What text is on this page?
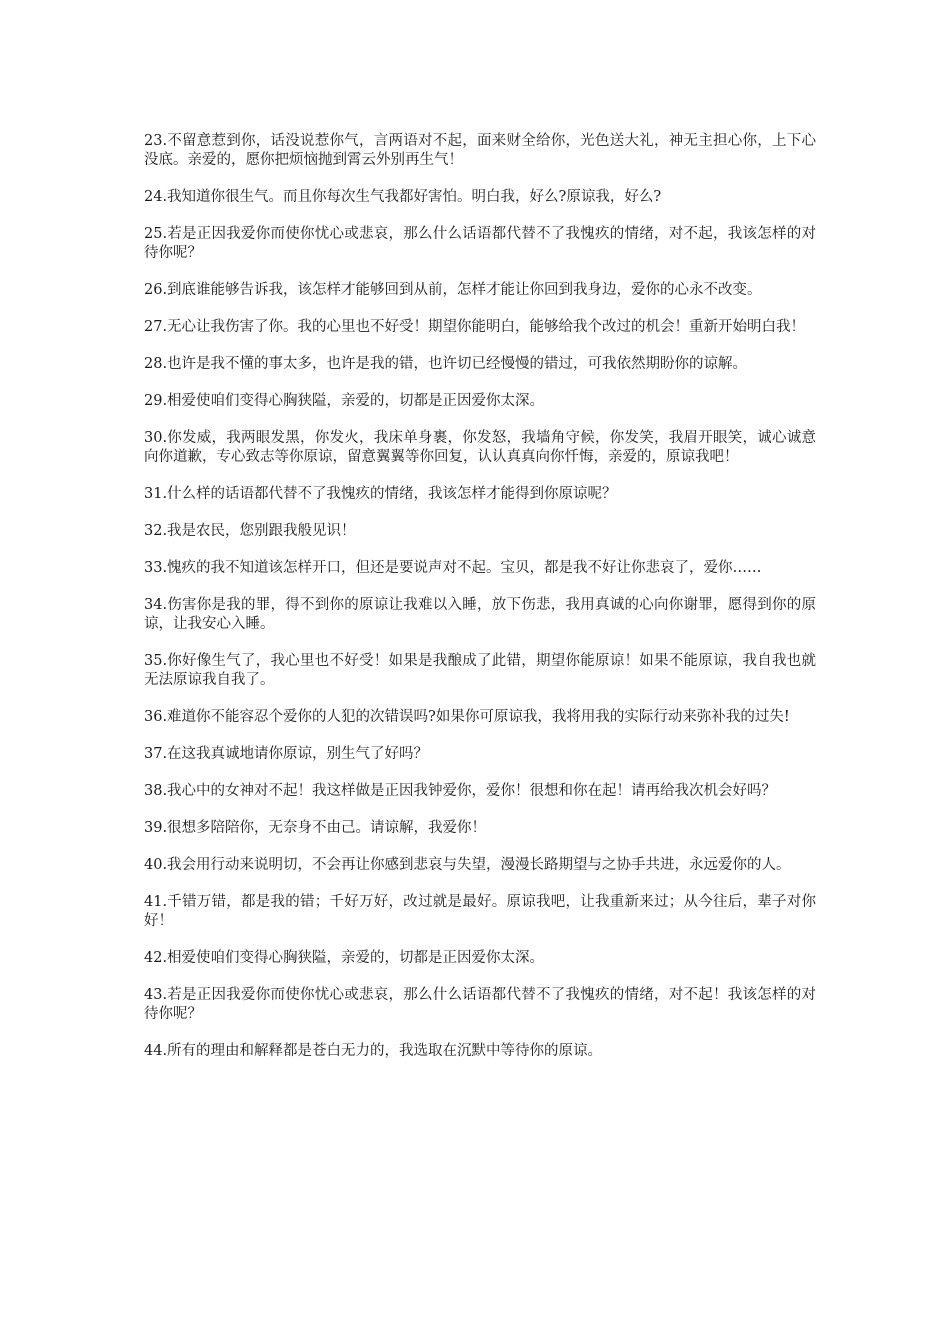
23.不留意惹到你，话没说惹你气，言两语对不起，面来财全给你，光色送大礼，神无主担心你，上下心没底。亲爱的，愿你把烦恼抛到霄云外别再生气！

24.我知道你很生气。而且你每次生气我都好害怕。明白我，好么?原谅我，好么?

25.若是正因我爱你而使你忧心或悲哀，那么什么话语都代替不了我愧疚的情绪，对不起，我该怎样的对待你呢？

26.到底谁能够告诉我，该怎样才能够回到从前，怎样才能让你回到我身边，爱你的心永不改变。

27.无心让我伤害了你。我的心里也不好受！期望你能明白，能够给我个改过的机会！重新开始明白我！

28.也许是我不懂的事太多，也许是我的错，也许切已经慢慢的错过，可我依然期盼你的谅解。

29.相爱使咱们变得心胸狭隘，亲爱的，切都是正因爱你太深。

30.你发威，我两眼发黑，你发火，我床单身裹，你发怒，我墙角守候，你发笑，我眉开眼笑，诚心诚意向你道歉，专心致志等你原谅，留意翼翼等你回复，认认真真向你忏悔，亲爱的，原谅我吧！

31.什么样的话语都代替不了我愧疚的情绪，我该怎样才能得到你原谅呢？

32.我是农民，您别跟我般见识！

33.愧疚的我不知道该怎样开口，但还是要说声对不起。宝贝，都是我不好让你悲哀了，爱你……

34.伤害你是我的罪，得不到你的原谅让我难以入睡，放下伤悲，我用真诚的心向你谢罪，愿得到你的原谅，让我安心入睡。

35.你好像生气了，我心里也不好受！如果是我酿成了此错，期望你能原谅！如果不能原谅，我自我也就无法原谅我自我了。

36.难道你不能容忍个爱你的人犯的次错误吗?如果你可原谅我，我将用我的实际行动来弥补我的过失!

37.在这我真诚地请你原谅，别生气了好吗？

38.我心中的女神对不起！我这样做是正因我钟爱你，爱你！很想和你在起！请再给我次机会好吗？

39.很想多陪陪你，无奈身不由己。请谅解，我爱你！

40.我会用行动来说明切，不会再让你感到悲哀与失望，漫漫长路期望与之协手共进，永远爱你的人。

41.千错万错，都是我的错；千好万好，改过就是最好。原谅我吧，让我重新来过；从今往后，辈子对你好！

42.相爱使咱们变得心胸狭隘，亲爱的，切都是正因爱你太深。

43.若是正因我爱你而使你忧心或悲哀，那么什么话语都代替不了我愧疚的情绪，对不起！我该怎样的对待你呢？

44.所有的理由和解释都是苍白无力的，我选取在沉默中等待你的原谅。
